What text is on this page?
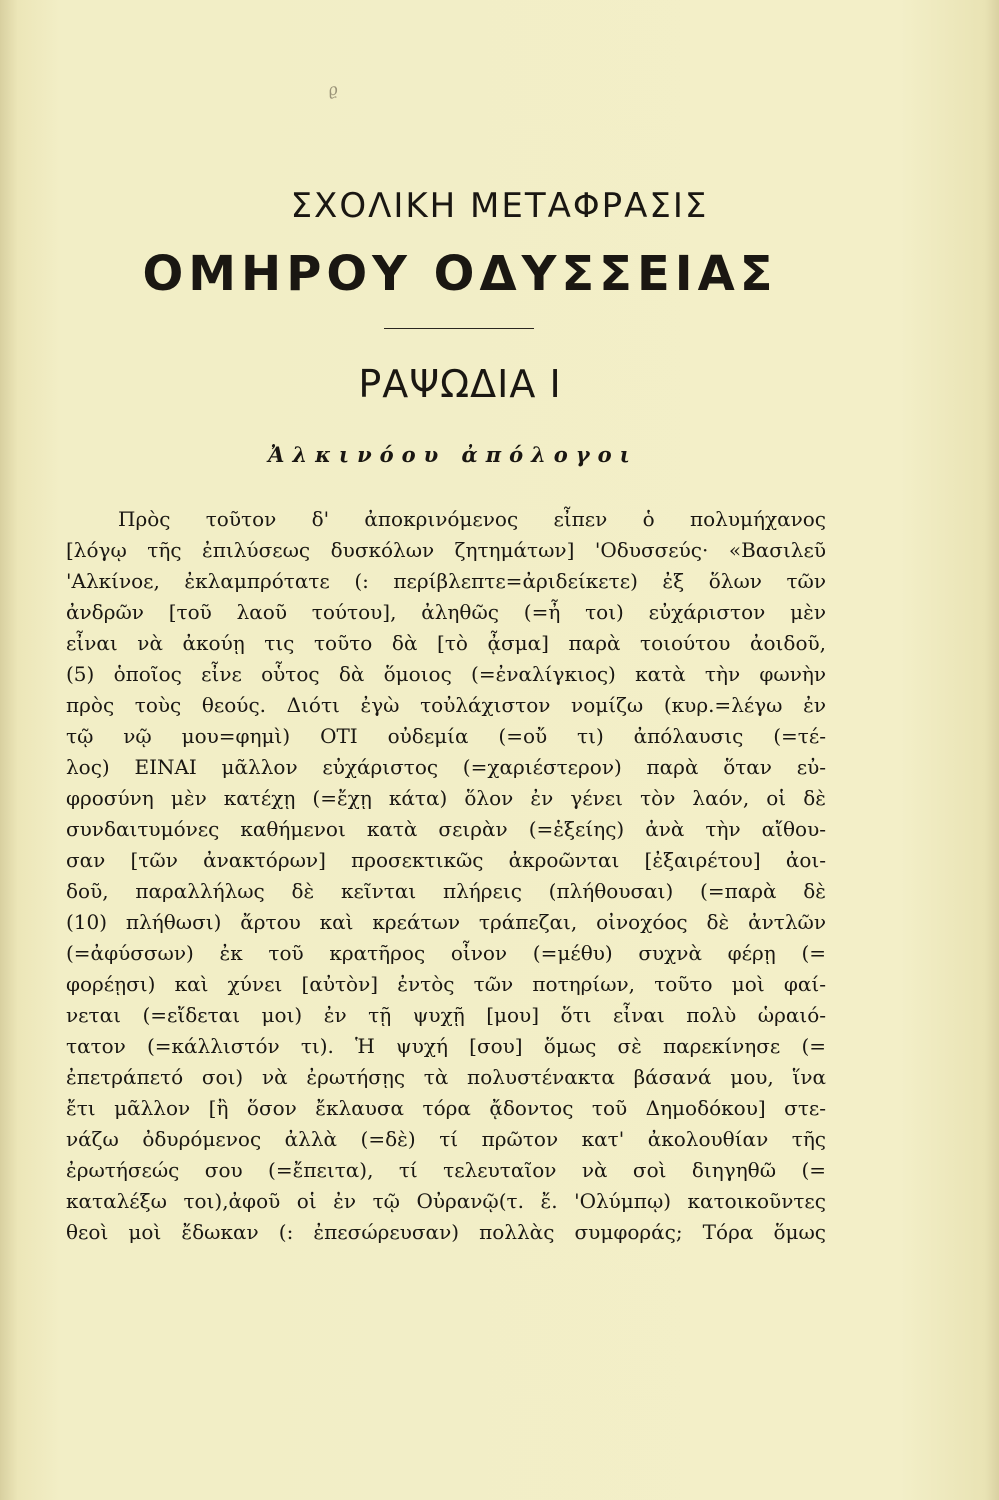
ϱ
ΣΧΟΛΙΚΗ ΜΕΤΑΦΡΑΣΙΣ
ΟΜΗΡΟΥ ΟΔΥΣΣΕΙΑΣ
ΡΑΨΩΔΙΑ Ι
Ἀλκινόου ἀπόλογοι
Πρὸς τοῦτον δ' ἀποκρινόμενος εἶπεν ὁ πολυμήχανος
[λόγῳ τῆς ἐπιλύσεως δυσκόλων ζητημάτων] 'Οδυσσεύς· «Βασιλεῦ
'Αλκίνοε, ἐκλαμπρότατε (: περίβλεπτε=ἀριδείκετε) ἐξ ὅλων τῶν
ἀνδρῶν [τοῦ λαοῦ τούτου], ἀληθῶς (=ἦ τοι) εὐχάριστον μὲν
εἶναι νὰ ἀκούῃ τις τοῦτο δὰ [τὸ ᾆσμα] παρὰ τοιούτου ἀοιδοῦ,
(5) ὁποῖος εἶνε οὗτος δὰ ὅμοιος (=ἐναλίγκιος) κατὰ τὴν φωνὴν
πρὸς τοὺς θεούς. Διότι ἐγὼ τοὐλάχιστον νομίζω (κυρ.=λέγω ἐν
τῷ νῷ μου=φημὶ) ΟΤΙ οὐδεμία (=οὔ τι) ἀπόλαυσις (=τέ-
λος) ΕΙΝΑΙ μᾶλλον εὐχάριστος (=χαριέστερον) παρὰ ὅταν εὐ-
φροσύνη μὲν κατέχῃ (=ἔχῃ κάτα) ὅλον ἐν γένει τὸν λαόν, οἱ δὲ
συνδαιτυμόνες καθήμενοι κατὰ σειρὰν (=ἑξείης) ἀνὰ τὴν αἴθου-
σαν [τῶν ἀνακτόρων] προσεκτικῶς ἀκροῶνται [ἐξαιρέτου] ἀοι-
δοῦ, παραλλήλως δὲ κεῖνται πλήρεις (πλήθουσαι) (=παρὰ δὲ
(10) πλήθωσι) ἄρτου καὶ κρεάτων τράπεζαι, οἰνοχόος δὲ ἀντλῶν
(=ἀφύσσων) ἐκ τοῦ κρατῆρος οἶνον (=μέθυ) συχνὰ φέρῃ (=
φορέῃσι) καὶ χύνει [αὐτὸν] ἐντὸς τῶν ποτηρίων, τοῦτο μοὶ φαί-
νεται (=εἴδεται μοι) ἐν τῇ ψυχῇ [μου] ὅτι εἶναι πολὺ ὡραιό-
τατον (=κάλλιστόν τι). Ἡ ψυχή [σου] ὅμως σὲ παρεκίνησε (=
ἐπετράπετό σοι) νὰ ἐρωτήσῃς τὰ πολυστένακτα βάσανά μου, ἵνα
ἔτι μᾶλλον [ἢ ὅσον ἔκλαυσα τόρα ᾄδοντος τοῦ Δημοδόκου] στε-
νάζω ὀδυρόμενος ἀλλὰ (=δὲ) τί πρῶτον κατ' ἀκολουθίαν τῆς
ἐρωτήσεώς σου (=ἔπειτα), τί τελευταῖον νὰ σοὶ διηγηθῶ (=
καταλέξω τοι),ἀφοῦ οἱ ἐν τῷ Οὐρανῷ(τ. ἔ. 'Ολύμπῳ) κατοικοῦντες
θεοὶ μοὶ ἔδωκαν (: ἐπεσώρευσαν) πολλὰς συμφοράς; Τόρα ὅμως
